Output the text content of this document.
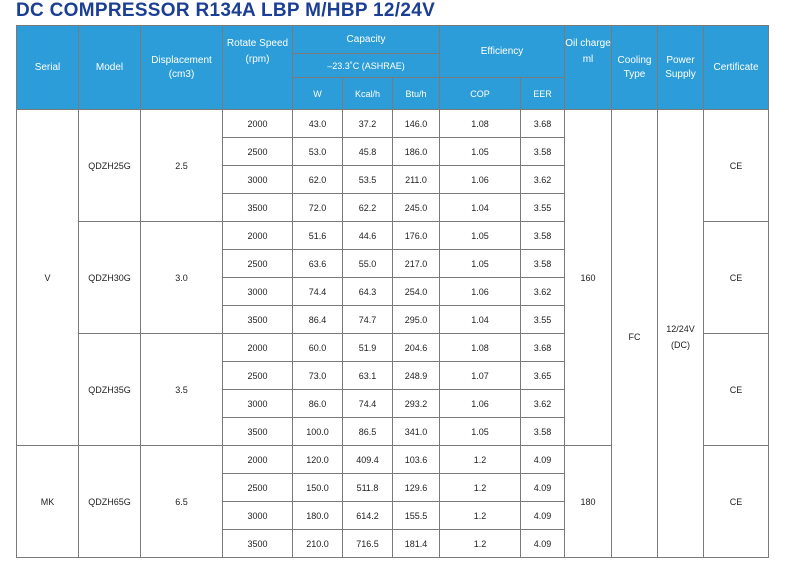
DC COMPRESSOR R134A LBP M/HBP 12/24V
Serial	Model	Displacement (cm3)	Rotate Speed (rpm)	Capacity			Efficiency		Oil charge ml	Cooling Type	Power Supply	Certificate
				–23.3˚C (ASHRAE)								
				W	Kcal/h	Btu/h	COP	EER				
V	QDZH25G	2.5	2000	43.0	37.2	146.0	1.08	3.68	160	FC	12/24V (DC)	CE
			2500	53.0	45.8	186.0	1.05	3.58				
			3000	62.0	53.5	211.0	1.06	3.62				
			3500	72.0	62.2	245.0	1.04	3.55				
	QDZH30G	3.0	2000	51.6	44.6	176.0	1.05	3.58				CE
			2500	63.6	55.0	217.0	1.05	3.58				
			3000	74.4	64.3	254.0	1.06	3.62				
			3500	86.4	74.7	295.0	1.04	3.55				
	QDZH35G	3.5	2000	60.0	51.9	204.6	1.08	3.68				CE
			2500	73.0	63.1	248.9	1.07	3.65				
			3000	86.0	74.4	293.2	1.06	3.62				
			3500	100.0	86.5	341.0	1.05	3.58				
MK	QDZH65G	6.5	2000	120.0	409.4	103.6	1.2	4.09	180			CE
			2500	150.0	511.8	129.6	1.2	4.09				
			3000	180.0	614.2	155.5	1.2	4.09				
			3500	210.0	716.5	181.4	1.2	4.09				
